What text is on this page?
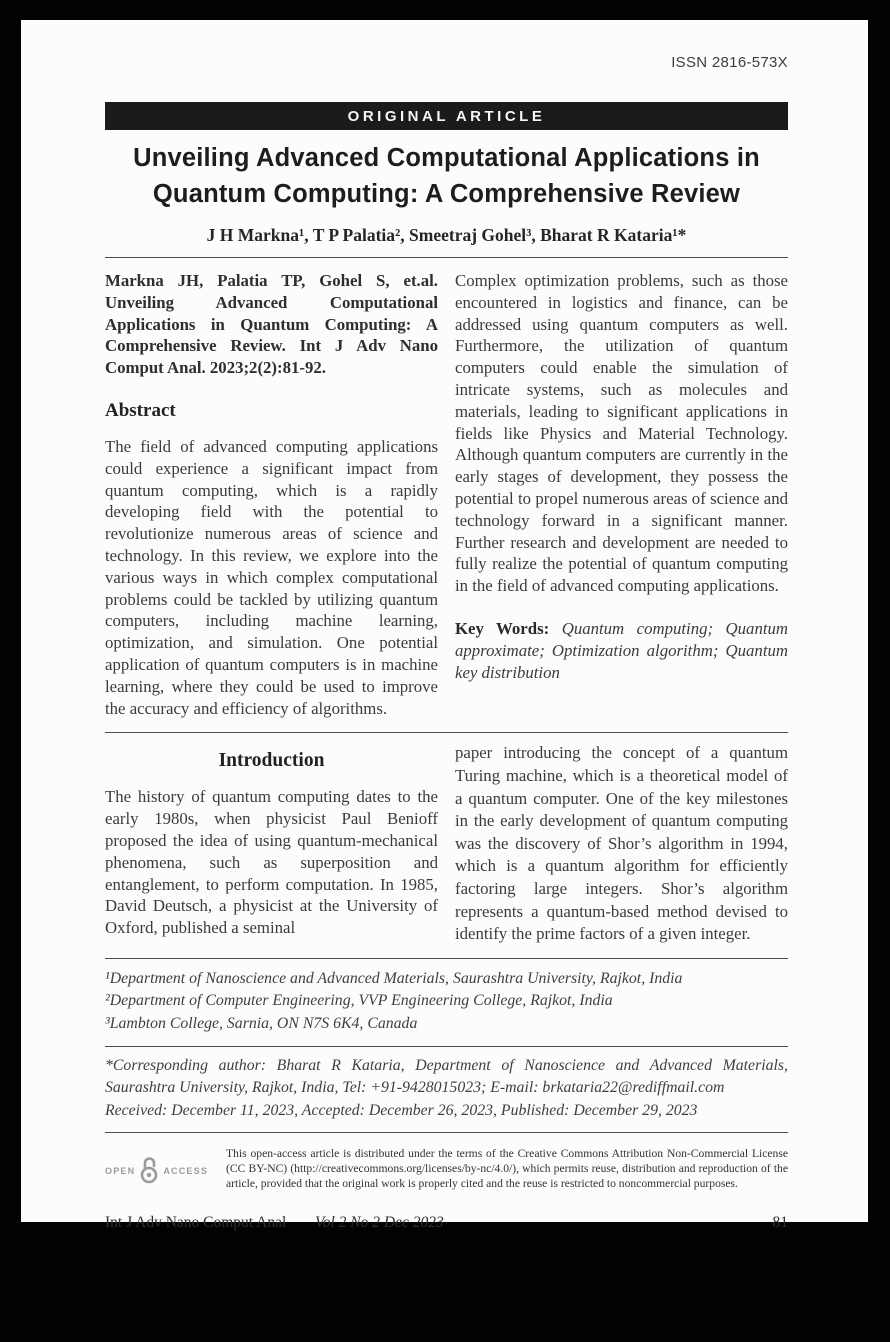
ISSN 2816-573X
ORIGINAL ARTICLE
Unveiling Advanced Computational Applications in
Quantum Computing: A Comprehensive Review
J H Markna¹, T P Palatia², Smeetraj Gohel³, Bharat R Kataria¹*

Markna JH, Palatia TP, Gohel S, et.al. Unveiling Advanced Computational Applications in Quantum Computing: A Comprehensive Review. Int J Adv Nano Comput Anal. 2023;2(2):81-92.

Abstract

The field of advanced computing applications could experience a significant impact from quantum computing, which is a rapidly developing field with the potential to revolutionize numerous areas of science and technology. In this review, we explore into the various ways in which complex computational problems could be tackled by utilizing quantum computers, including machine learning, optimization, and simulation. One potential application of quantum computers is in machine learning, where they could be used to improve the accuracy and efficiency of algorithms.

Complex optimization problems, such as those encountered in logistics and finance, can be addressed using quantum computers as well. Furthermore, the utilization of quantum computers could enable the simulation of intricate systems, such as molecules and materials, leading to significant applications in fields like Physics and Material Technology. Although quantum computers are currently in the early stages of development, they possess the potential to propel numerous areas of science and technology forward in a significant manner. Further research and development are needed to fully realize the potential of quantum computing in the field of advanced computing applications.

Key Words: Quantum computing; Quantum approximate; Optimization algorithm; Quantum key distribution

Introduction

The history of quantum computing dates to the early 1980s, when physicist Paul Benioff proposed the idea of using quantum-mechanical phenomena, such as superposition and entanglement, to perform computation. In 1985, David Deutsch, a physicist at the University of Oxford, published a seminal

paper introducing the concept of a quantum Turing machine, which is a theoretical model of a quantum computer. One of the key milestones in the early development of quantum computing was the discovery of Shor’s algorithm in 1994, which is a quantum algorithm for efficiently factoring large integers. Shor’s algorithm represents a quantum-based method devised to identify the prime factors of a given integer.

¹Department of Nanoscience and Advanced Materials, Saurashtra University, Rajkot, India
²Department of Computer Engineering, VVP Engineering College, Rajkot, India
³Lambton College, Sarnia, ON N7S 6K4, Canada

*Corresponding author: Bharat R Kataria, Department of Nanoscience and Advanced Materials, Saurashtra University, Rajkot, India, Tel: +91-9428015023; E-mail: brkataria22@rediffmail.com

Received: December 11, 2023, Accepted: December 26, 2023, Published: December 29, 2023

OPEN	ACCESS

This open-access article is distributed under the terms of the Creative Commons Attribution Non-Commercial License (CC BY-NC) (http://creativecommons.org/licenses/by-nc/4.0/), which permits reuse, distribution and reproduction of the article, provided that the original work is properly cited and the reuse is restricted to noncommercial purposes.

Int J Adv Nano Comput Anal Vol 2 No 2 Dec 2023	81
